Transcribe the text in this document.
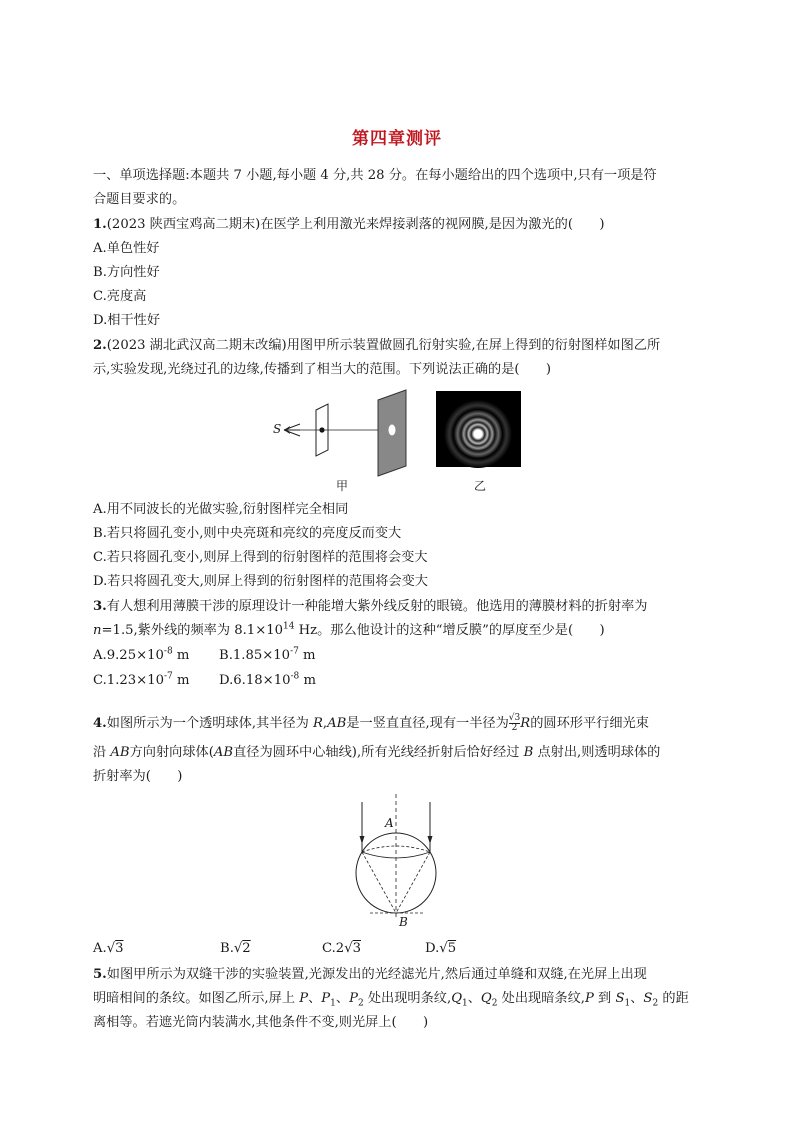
第四章测评
一、单项选择题:本题共 7 小题,每小题 4 分,共 28 分。在每小题给出的四个选项中,只有一项是符
合题目要求的。
1.(2023 陕西宝鸡高二期末)在医学上利用激光来焊接剥落的视网膜,是因为激光的(　　)
A.单色性好
B.方向性好
C.亮度高
D.相干性好
2.(2023 湖北武汉高二期末改编)用图甲所示装置做圆孔衍射实验,在屏上得到的衍射图样如图乙所
示,实验发现,光绕过孔的边缘,传播到了相当大的范围。下列说法正确的是(　　)
S
甲	乙
A.用不同波长的光做实验,衍射图样完全相同
B.若只将圆孔变小,则中央亮斑和亮纹的亮度反而变大
C.若只将圆孔变小,则屏上得到的衍射图样的范围将会变大
D.若只将圆孔变大,则屏上得到的衍射图样的范围将会变大
3.有人想利用薄膜干涉的原理设计一种能增大紫外线反射的眼镜。他选用的薄膜材料的折射率为
n=1.5,紫外线的频率为 $8.1\times 10^{14}$ Hz。那么他设计的这种“增反膜”的厚度至少是(　　)
$A.9.25\times 10^{-8}$ m $B.1.85\times 10^{-7}$ m
$C.1.23\times 10^{-7}$ m $D.6.18\times 10^{-8}$ m
4.如图所示为一个透明球体,其半径为 R,AB是一竖直直径,现有一半径为 $\frac{√3}{2}$ R的圆环形平行细光束
沿 AB方向射向球体(AB直径为圆环中心轴线),所有光线经折射后恰好经过 B 点射出,则透明球体的
折射率为(　　)
A
B
A.√3	B.√2	C.2√3	D.√5
5.如图甲所示为双缝干涉的实验装置,光源发出的光经滤光片,然后通过单缝和双缝,在光屏上出现
明暗相间的条纹。如图乙所示,屏上 P、$P_1$、$P_2$ 处出现明条纹$,Q_1$、$Q_2$ 处出现暗条纹,P 到 $S_1$、$S_2$ 的距
离相等。若遮光筒内装满水,其他条件不变,则光屏上(　　)
